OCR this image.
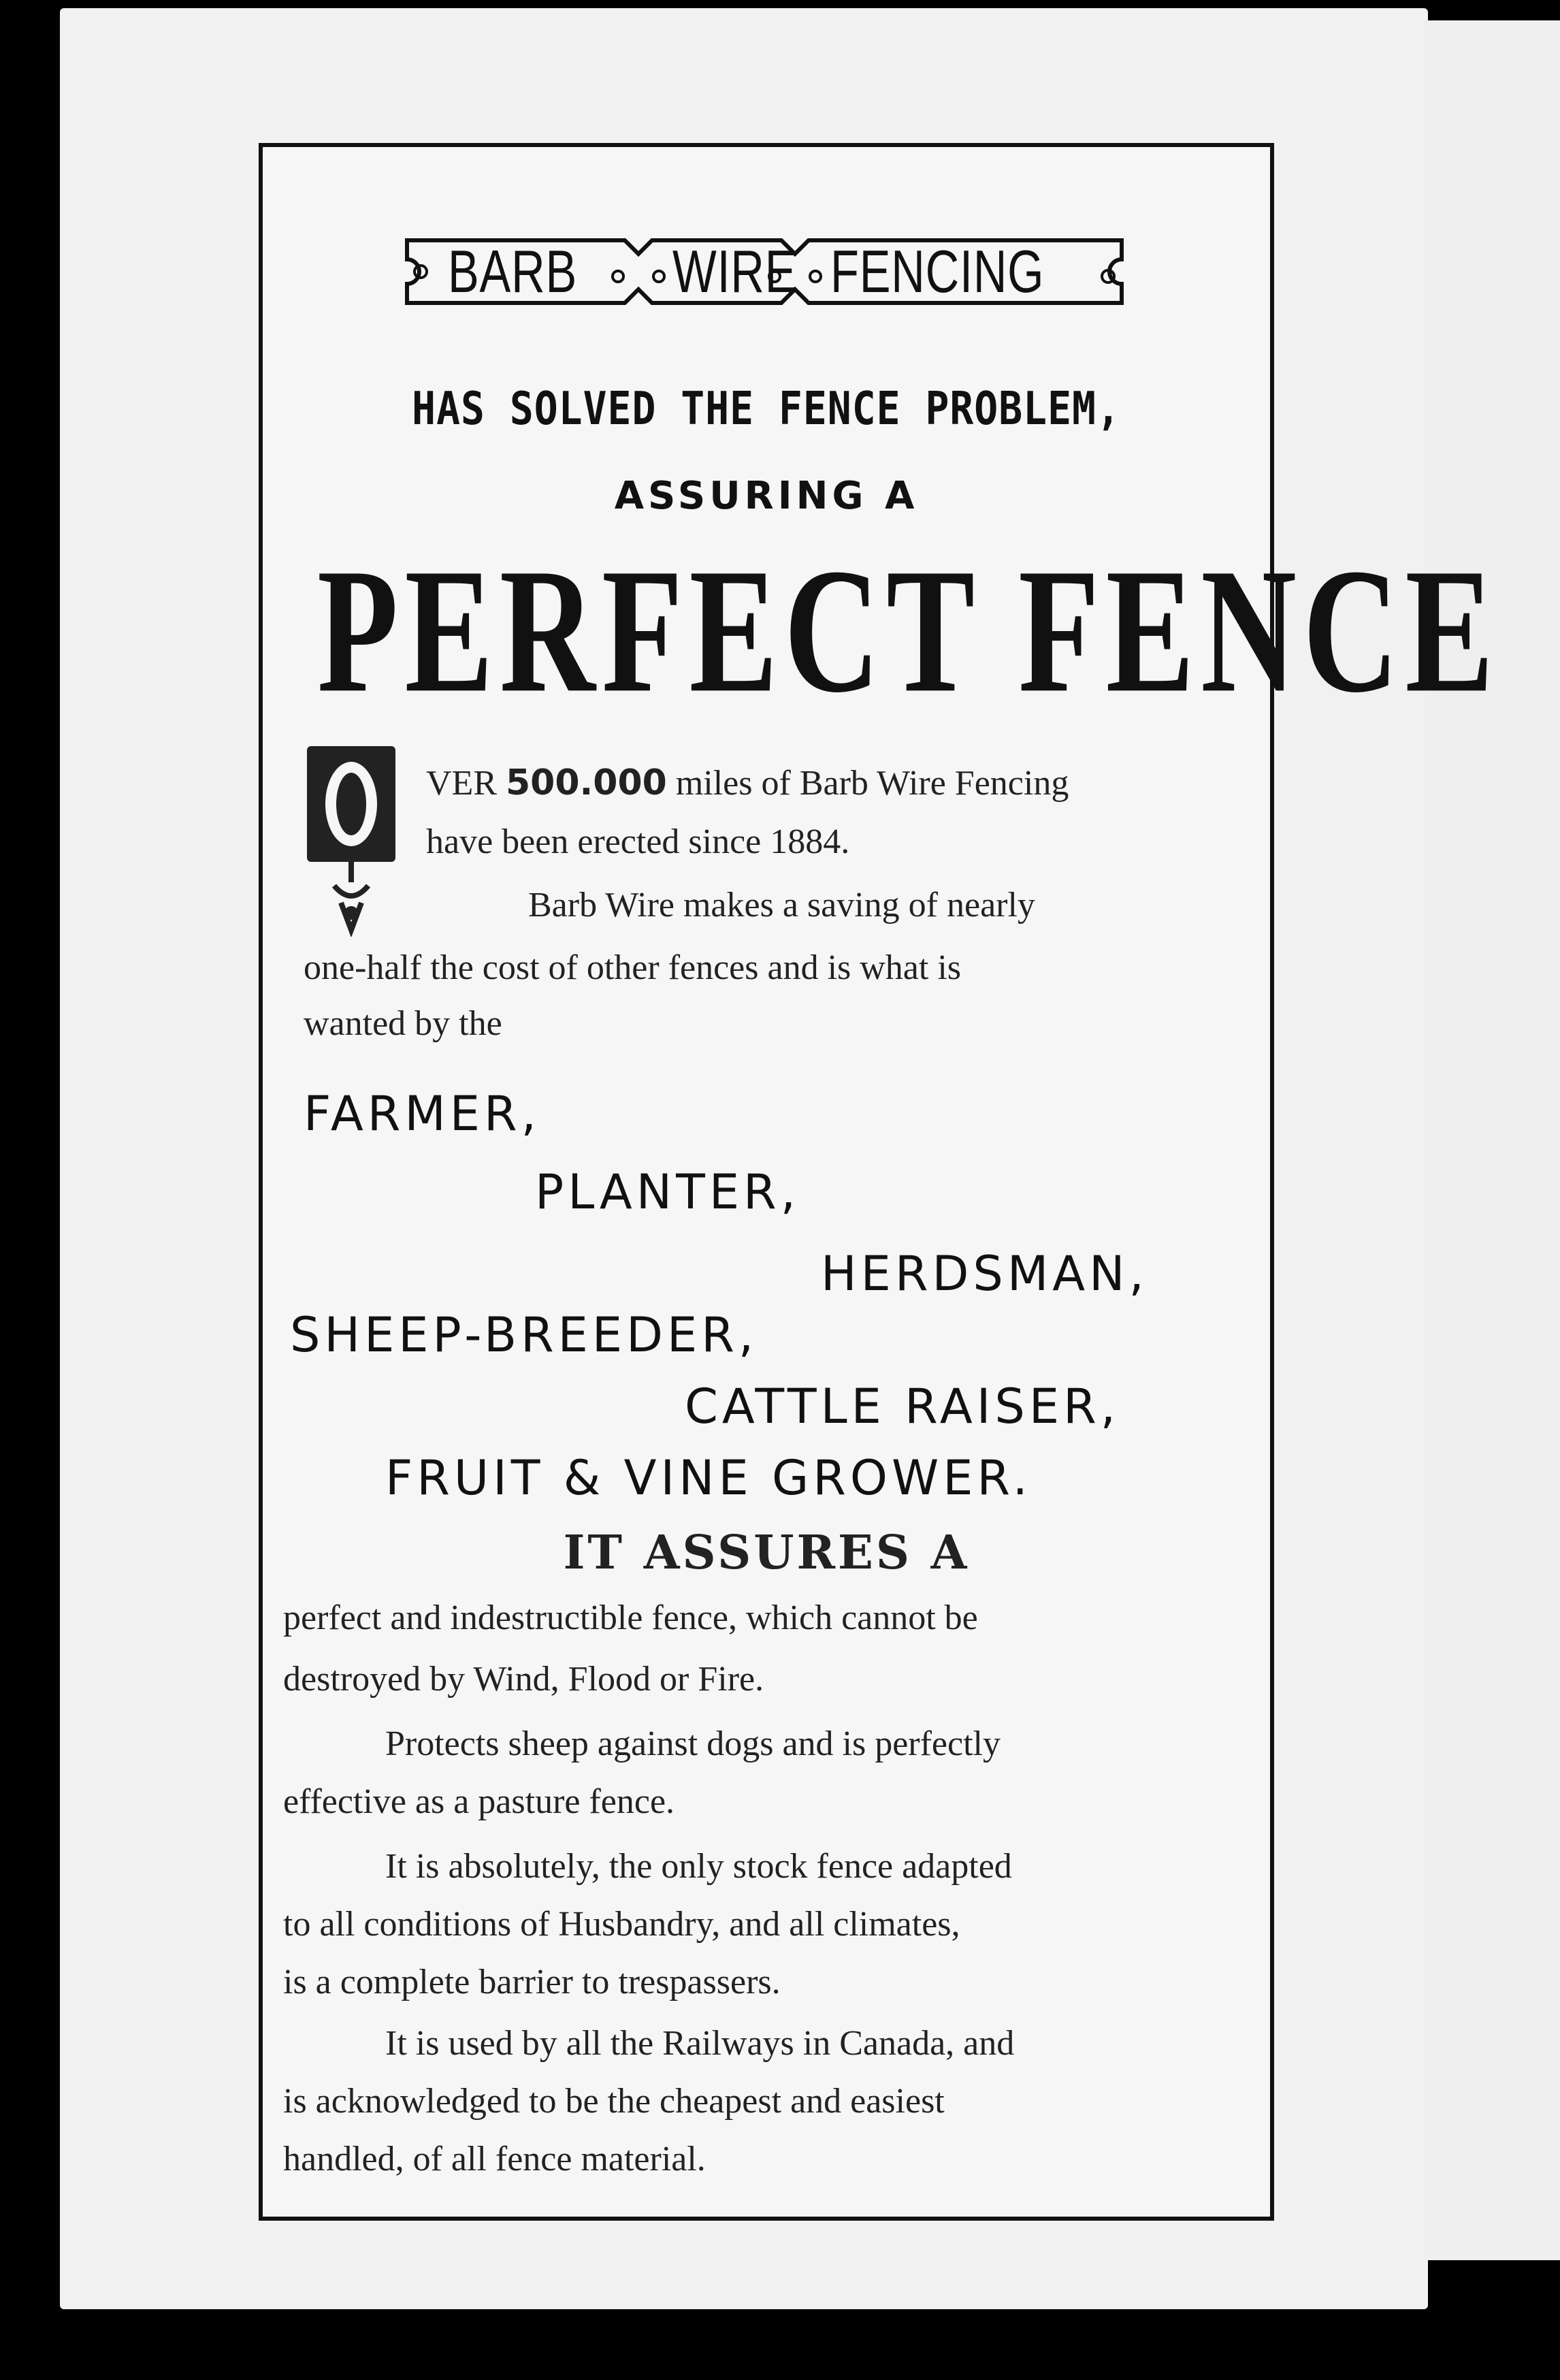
BARB WIRE FENCING
HAS SOLVED THE FENCE PROBLEM,
ASSURING A
PERFECT FENCE
VER 500.000 miles of Barb Wire Fencing
have been erected since 1884.
Barb Wire makes a saving of nearly
one-half the cost of other fences and is what is
wanted by the
FARMER,
PLANTER,
HERDSMAN,
SHEEP-BREEDER,
CATTLE RAISER,
FRUIT & VINE GROWER.
IT ASSURES A
perfect and indestructible fence, which cannot be
destroyed by Wind, Flood or Fire.
Protects sheep against dogs and is perfectly
effective as a pasture fence.
It is absolutely, the only stock fence adapted
to all conditions of Husbandry, and all climates,
is a complete barrier to trespassers.
It is used by all the Railways in Canada, and
is acknowledged to be the cheapest and easiest
handled, of all fence material.
